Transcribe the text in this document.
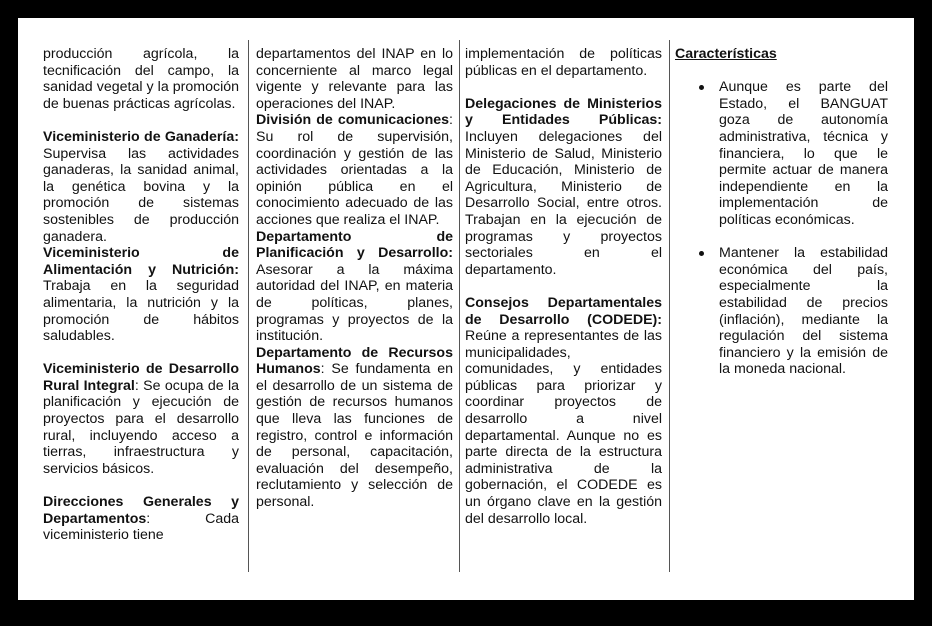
producción agrícola, la tecnificación del campo, la sanidad vegetal y la promoción de buenas prácticas agrícolas.

Viceministerio de Ganadería: Supervisa las actividades ganaderas, la sanidad animal, la genética bovina y la promoción de sistemas sostenibles de producción ganadera.

Viceministerio de Alimentación y Nutrición: Trabaja en la seguridad alimentaria, la nutrición y la promoción de hábitos saludables.

Viceministerio de Desarrollo Rural Integral: Se ocupa de la planificación y ejecución de proyectos para el desarrollo rural, incluyendo acceso a tierras, infraestructura y servicios básicos.

Direcciones Generales y Departamentos: Cada viceministerio tiene

departamentos del INAP en lo concerniente al marco legal vigente y relevante para las operaciones del INAP.

División de comunicaciones: Su rol de supervisión, coordinación y gestión de las actividades orientadas a la opinión pública en el conocimiento adecuado de las acciones que realiza el INAP.

Departamento de Planificación y Desarrollo: Asesorar a la máxima autoridad del INAP, en materia de políticas, planes, programas y proyectos de la institución.

Departamento de Recursos Humanos: Se fundamenta en el desarrollo de un sistema de gestión de recursos humanos que lleva las funciones de registro, control e información de personal, capacitación, evaluación del desempeño, reclutamiento y selección de personal.

implementación de políticas públicas en el departamento.

Delegaciones de Ministerios y Entidades Públicas: Incluyen delegaciones del Ministerio de Salud, Ministerio de Educación, Ministerio de Agricultura, Ministerio de Desarrollo Social, entre otros. Trabajan en la ejecución de programas y proyectos sectoriales en el departamento.

Consejos Departamentales de Desarrollo (CODEDE): Reúne a representantes de las municipalidades, comunidades, y entidades públicas para priorizar y coordinar proyectos de desarrollo a nivel departamental. Aunque no es parte directa de la estructura administrativa de la gobernación, el CODEDE es un órgano clave en la gestión del desarrollo local.

Características

Aunque es parte del Estado, el BANGUAT goza de autonomía administrativa, técnica y financiera, lo que le permite actuar de manera independiente en la implementación de políticas económicas.
Mantener la estabilidad económica del país, especialmente la estabilidad de precios (inflación), mediante la regulación del sistema financiero y la emisión de la moneda nacional.
